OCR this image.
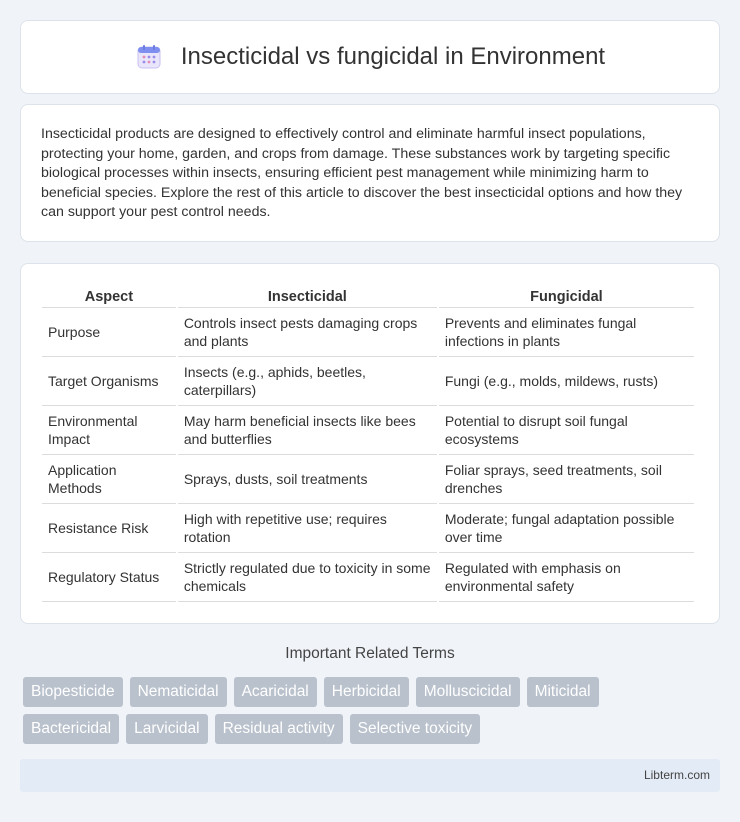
Insecticidal vs fungicidal in Environment

Insecticidal products are designed to effectively control and eliminate harmful insect populations, protecting your home, garden, and crops from damage. These substances work by targeting specific biological processes within insects, ensuring efficient pest management while minimizing harm to beneficial species. Explore the rest of this article to discover the best insecticidal options and how they can support your pest control needs.

Aspect	Insecticidal	Fungicidal
Purpose	Controls insect pests damaging crops and plants	Prevents and eliminates fungal infections in plants
Target Organisms	Insects (e.g., aphids, beetles, caterpillars)	Fungi (e.g., molds, mildews, rusts)
Environmental Impact	May harm beneficial insects like bees and butterflies	Potential to disrupt soil fungal ecosystems
Application Methods	Sprays, dusts, soil treatments	Foliar sprays, seed treatments, soil drenches
Resistance Risk	High with repetitive use; requires rotation	Moderate; fungal adaptation possible over time
Regulatory Status	Strictly regulated due to toxicity in some chemicals	Regulated with emphasis on environmental safety
Important Related Terms
Biopesticide	Nematicidal	Acaricidal	Herbicidal	Molluscicidal	Miticidal
Bactericidal	Larvicidal	Residual activity	Selective toxicity
Libterm.com
